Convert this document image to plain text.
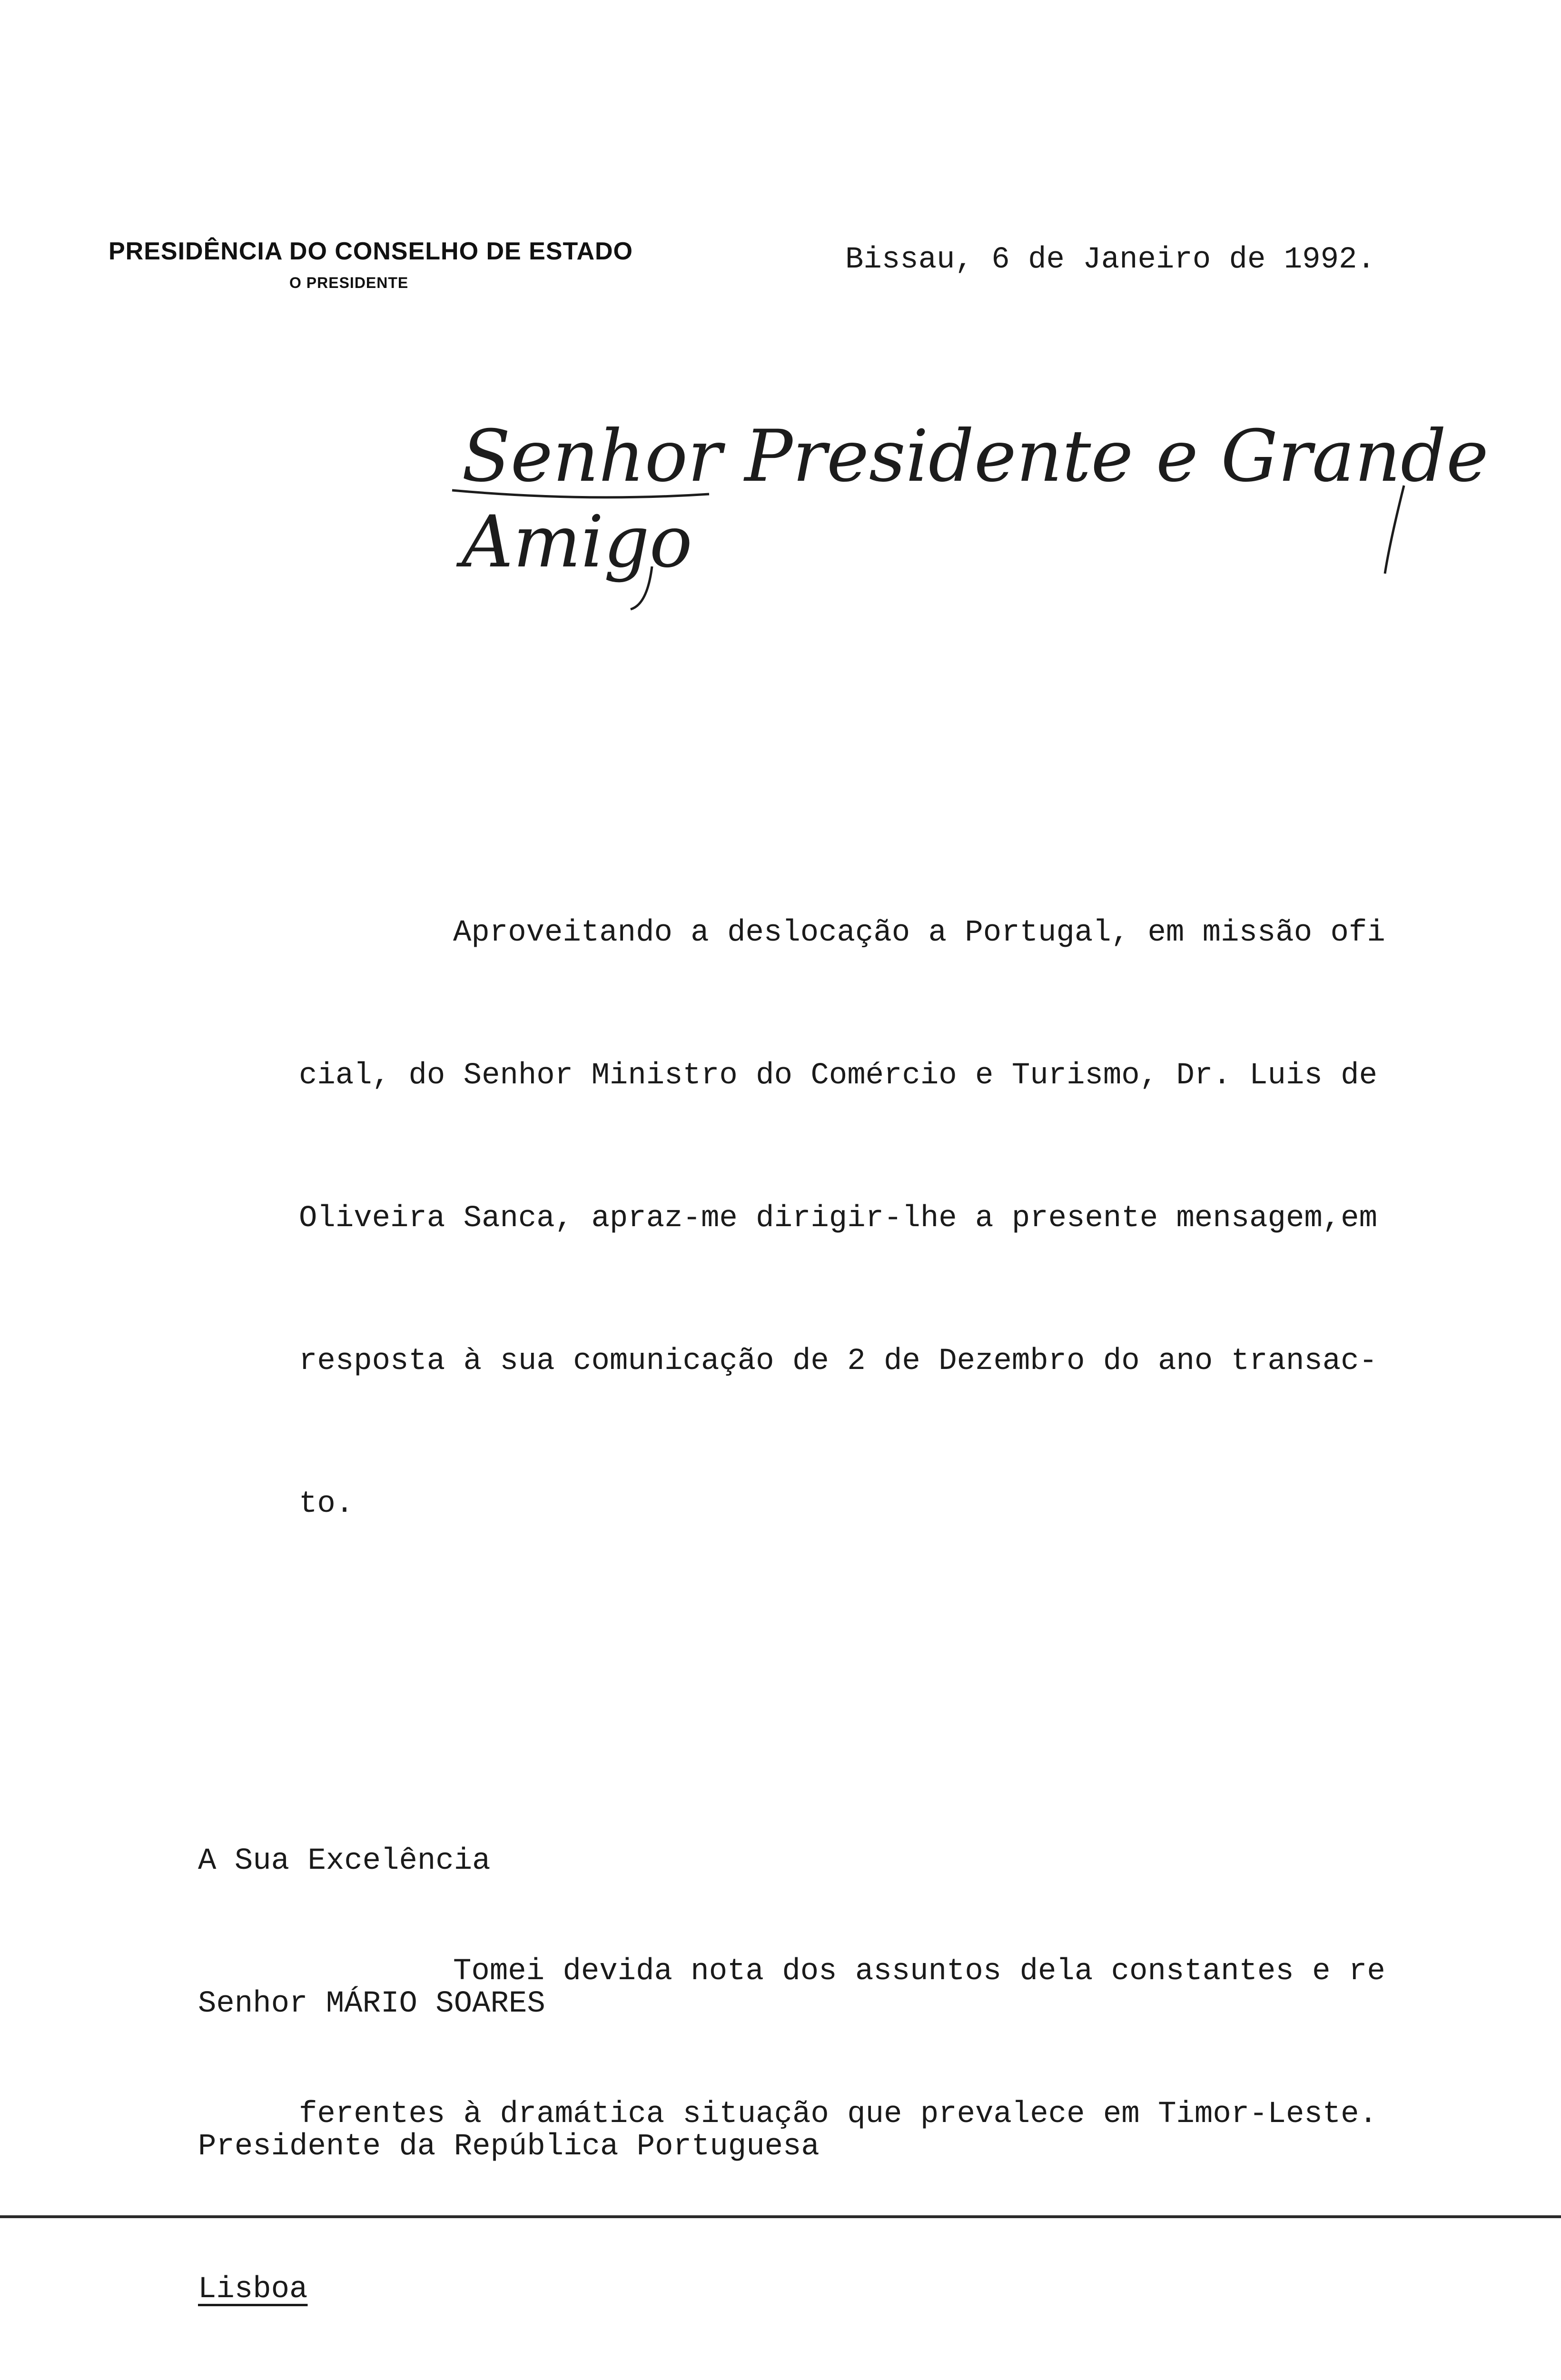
PRESIDÊNCIA DO CONSELHO DE ESTADO
O PRESIDENTE
Bissau, 6 de Janeiro de 1992.
Senhor Presidente e Grande
Amigo

Aproveitando a deslocação a Portugal, em missão ofi

cial, do Senhor Ministro do Comércio e Turismo, Dr. Luis de

Oliveira Sanca, apraz-me dirigir-lhe a presente mensagem,em

resposta à sua comunicação de 2 de Dezembro do ano transac-

to.

Tomei devida nota dos assuntos dela constantes e re

ferentes à dramática situação que prevalece em Timor-Leste.

A Sua Excelência

Senhor MÁRIO SOARES

Presidente da República Portuguesa

Lisboa
